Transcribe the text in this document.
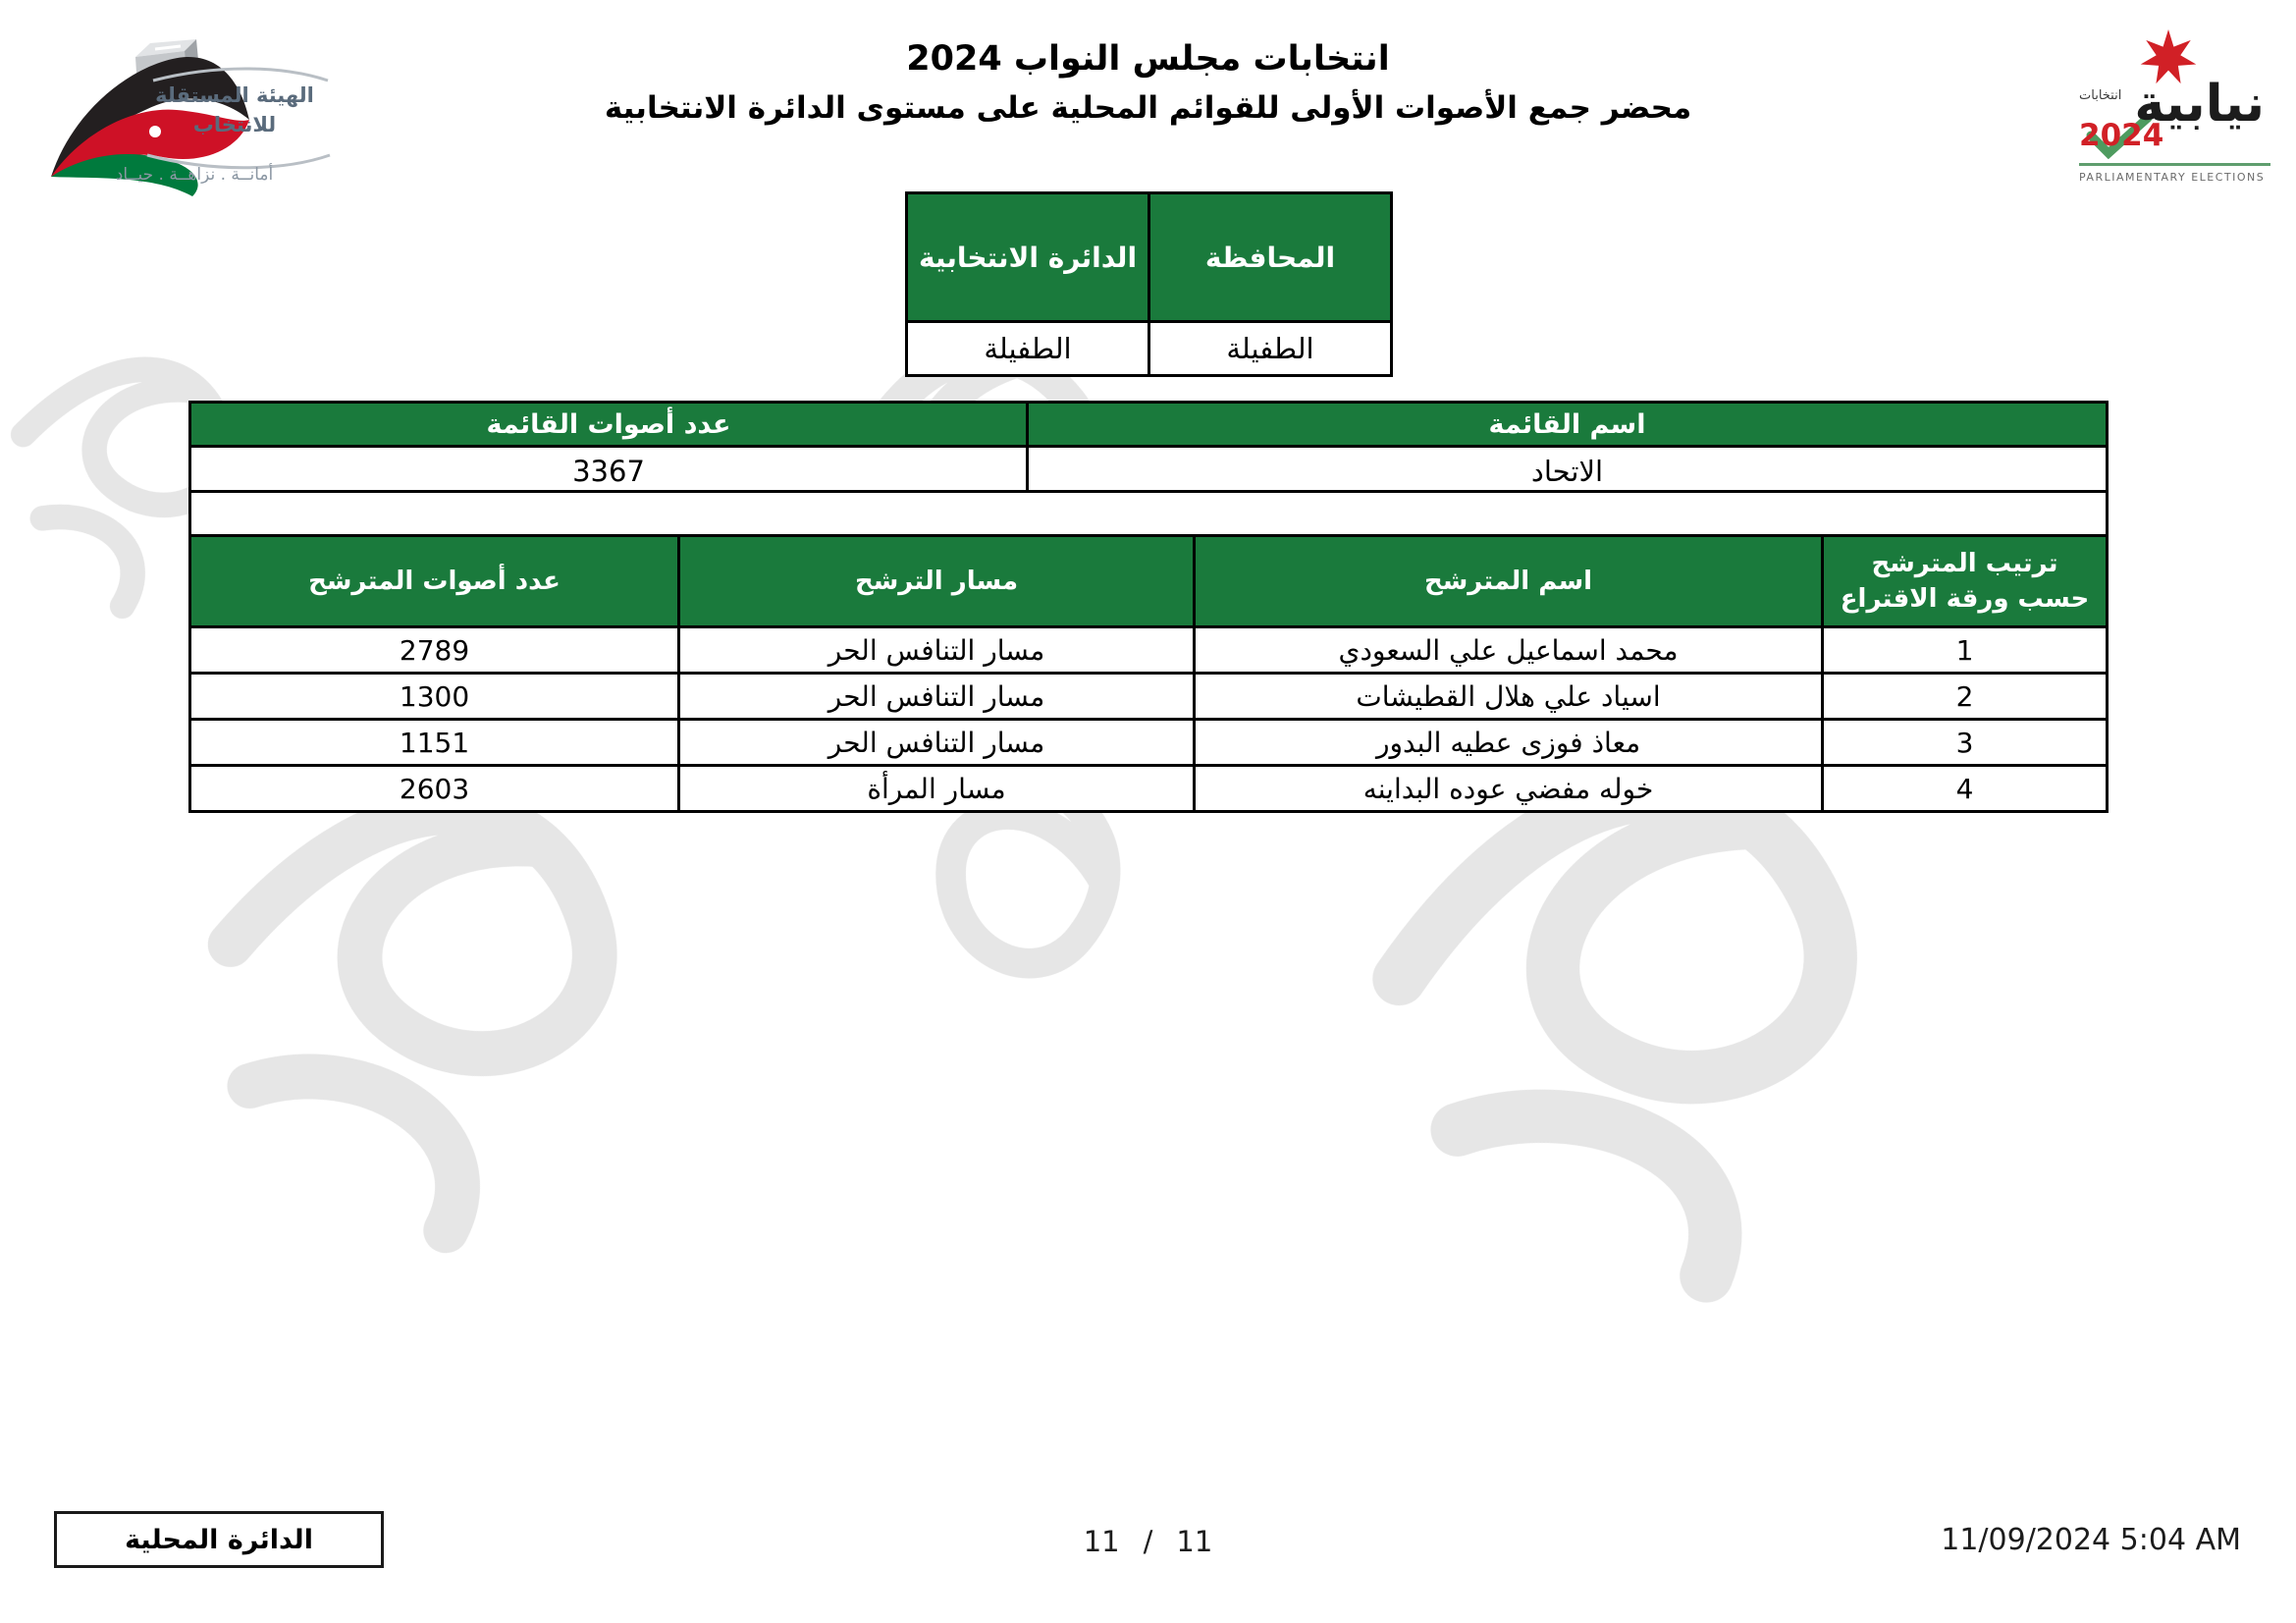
الهيئة المستقلة
للانتخاب
أمانــة . نزاهــة . حيــاد
انتخابات مجلس النواب 2024
محضر جمع الأصوات الأولى للقوائم المحلية على مستوى الدائرة الانتخابية	انتخابات نيابية
2024
PARLIAMENTARY ELECTIONS
المحافظة	الدائرة الانتخابية
الطفيلة	الطفيلة
اسم القائمة	عدد أصوات القائمة
الاتحاد	3367
مرشحو القائمة			
ترتيب المترشح حسب ورقة الاقتراع	اسم المترشح	مسار الترشح	عدد أصوات المترشح
1	محمد اسماعيل علي السعودي	مسار التنافس الحر	2789
2	اسياد علي هلال القطيشات	مسار التنافس الحر	1300
3	معاذ فوزى عطيه البدور	مسار التنافس الحر	1151
4	خوله مفضي عوده البداينه	مسار المرأة	2603
الدائرة المحلية	11 / 11	11/09/2024 5:04 AM
